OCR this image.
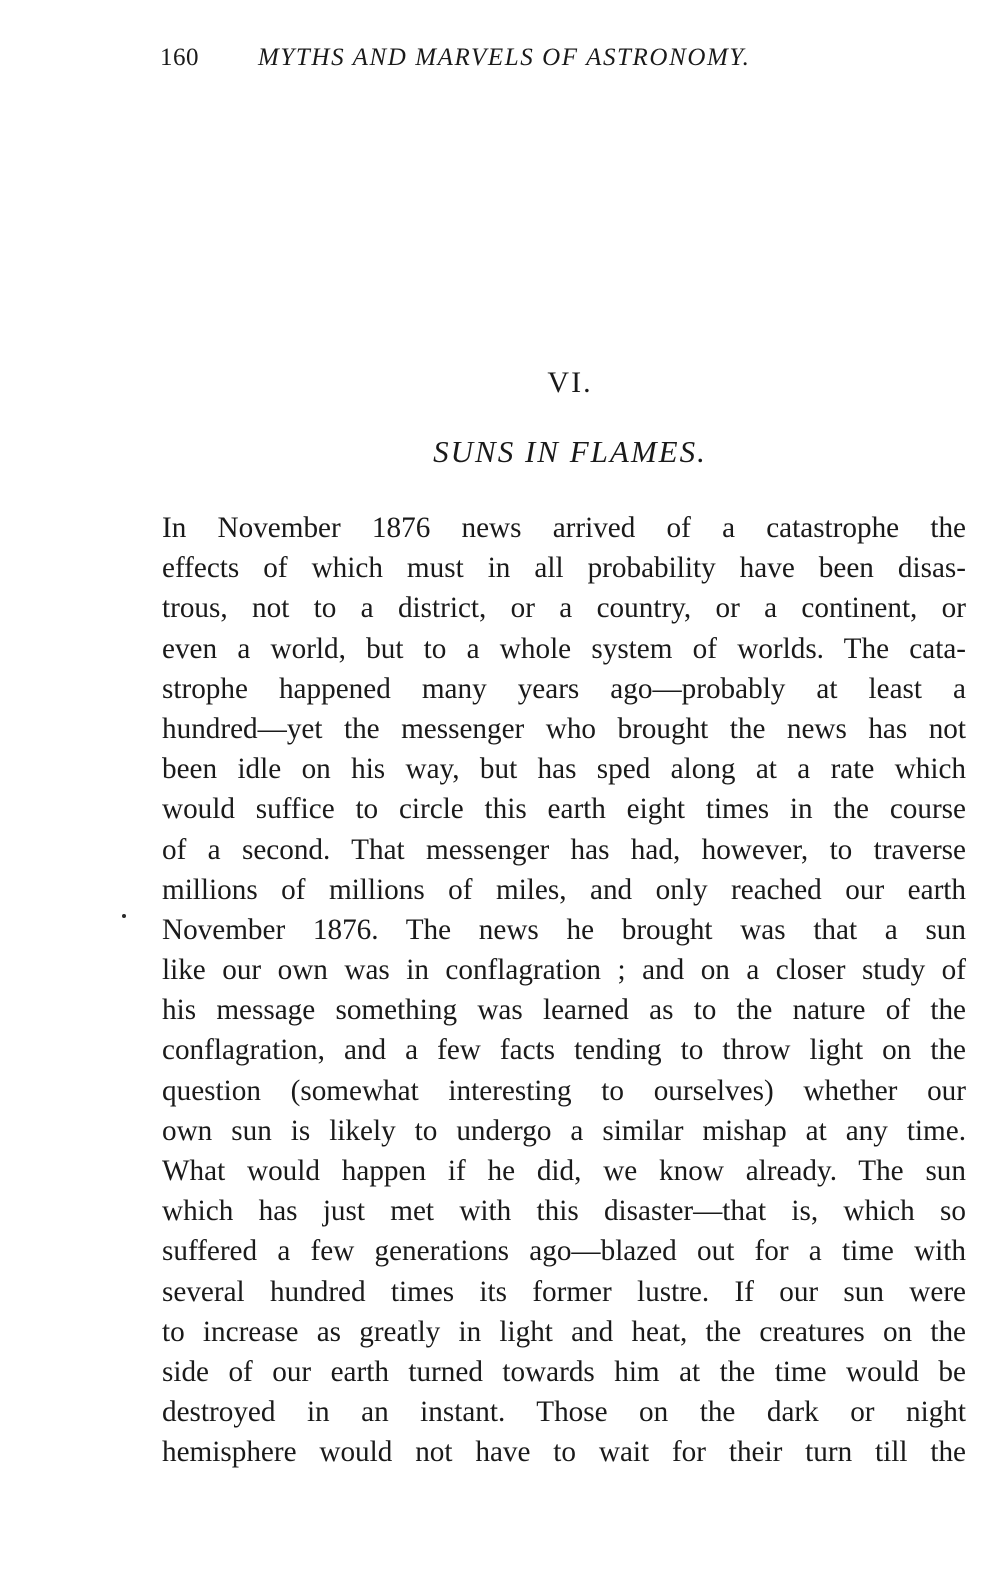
160 MYTHS AND MARVELS OF ASTRONOMY.
VI.
SUNS IN FLAMES.
In November 1876 news arrived of a catastrophe the
effects of which must in all probability have been disas-
trous, not to a district, or a country, or a continent, or
even a world, but to a whole system of worlds. The cata-
strophe happened many years ago—probably at least a
hundred—yet the messenger who brought the news has not
been idle on his way, but has sped along at a rate which
would suffice to circle this earth eight times in the course
of a second. That messenger has had, however, to traverse
millions of millions of miles, and only reached our earth
November 1876. The news he brought was that a sun
like our own was in conflagration ; and on a closer study of
his message something was learned as to the nature of the
conflagration, and a few facts tending to throw light on the
question (somewhat interesting to ourselves) whether our
own sun is likely to undergo a similar mishap at any time.
What would happen if he did, we know already. The sun
which has just met with this disaster—that is, which so
suffered a few generations ago—blazed out for a time with
several hundred times its former lustre. If our sun were
to increase as greatly in light and heat, the creatures on the
side of our earth turned towards him at the time would be
destroyed in an instant. Those on the dark or night
hemisphere would not have to wait for their turn till the
